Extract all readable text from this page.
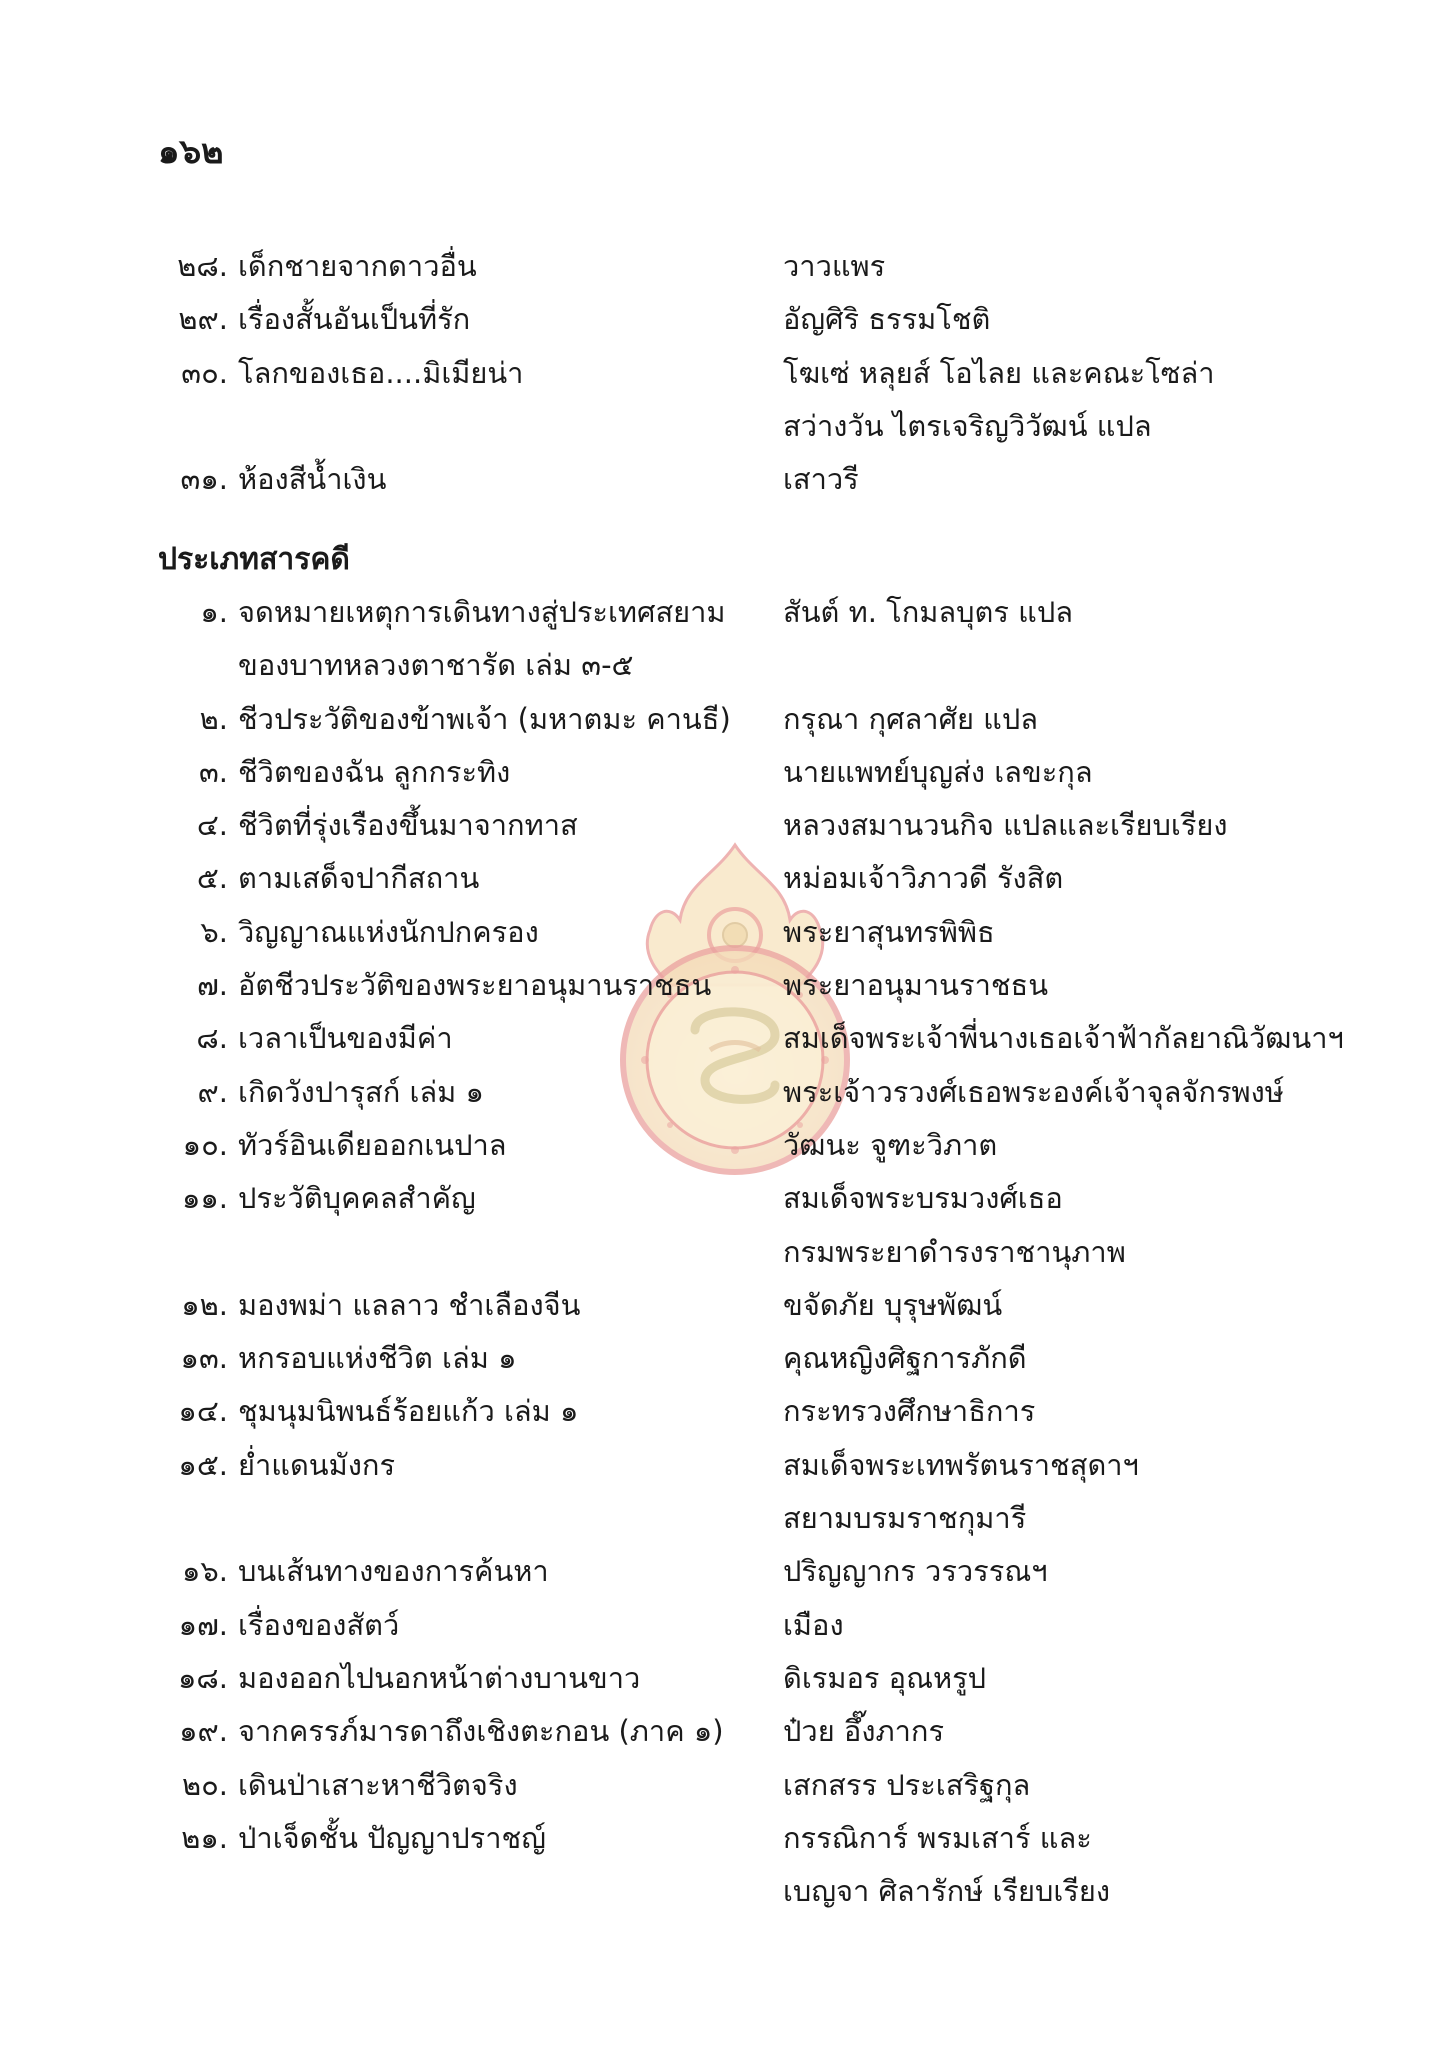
๑๖๒
๒๘. เด็กชายจากดาวอื่น	วาวแพร
๒๙. เรื่องสั้นอันเป็นที่รัก	อัญศิริ ธรรมโชติ
๓๐. โลกของเธอ....มิเมียน่า	โฆเซ่ หลุยส์ โอไลย และคณะโซล่า
สว่างวัน ไตรเจริญวิวัฒน์ แปล
๓๑. ห้องสีน้ำเงิน	เสาวรี
ประเภทสารคดี
๑. จดหมายเหตุการเดินทางสู่ประเทศสยาม	สันต์ ท. โกมลบุตร แปล
ของบาทหลวงตาชารัด เล่ม ๓-๕
๒. ชีวประวัติของข้าพเจ้า (มหาตมะ คานธี)	กรุณา กุศลาศัย แปล
๓. ชีวิตของฉัน ลูกกระทิง	นายแพทย์บุญส่ง เลขะกุล
๔. ชีวิตที่รุ่งเรืองขึ้นมาจากทาส	หลวงสมานวนกิจ แปลและเรียบเรียง
๕. ตามเสด็จปากีสถาน	หม่อมเจ้าวิภาวดี รังสิต
๖. วิญญาณแห่งนักปกครอง	พระยาสุนทรพิพิธ
๗. อัตชีวประวัติของพระยาอนุมานราชธน	พระยาอนุมานราชธน
๘. เวลาเป็นของมีค่า	สมเด็จพระเจ้าพี่นางเธอเจ้าฟ้ากัลยาณิวัฒนาฯ
๙. เกิดวังปารุสก์ เล่ม ๑	พระเจ้าวรวงศ์เธอพระองค์เจ้าจุลจักรพงษ์
๑๐. ทัวร์อินเดียออกเนปาล	วัฒนะ จูฑะวิภาต
๑๑. ประวัติบุคคลสำคัญ	สมเด็จพระบรมวงศ์เธอ
กรมพระยาดำรงราชานุภาพ
๑๒. มองพม่า แลลาว ชำเลืองจีน	ขจัดภัย บุรุษพัฒน์
๑๓. หกรอบแห่งชีวิต เล่ม ๑	คุณหญิงศิฐการภักดี
๑๔. ชุมนุมนิพนธ์ร้อยแก้ว เล่ม ๑	กระทรวงศึกษาธิการ
๑๕. ย่ำแดนมังกร	สมเด็จพระเทพรัตนราชสุดาฯ
สยามบรมราชกุมารี
๑๖. บนเส้นทางของการค้นหา	ปริญญากร วรวรรณฯ
๑๗. เรื่องของสัตว์	เมือง
๑๘. มองออกไปนอกหน้าต่างบานขาว	ดิเรมอร อุณหรูป
๑๙. จากครรภ์มารดาถึงเชิงตะกอน (ภาค ๑)	ป๋วย อึ๊งภากร
๒๐. เดินป่าเสาะหาชีวิตจริง	เสกสรร ประเสริฐกุล
๒๑. ป่าเจ็ดชั้น ปัญญาปราชญ์	กรรณิการ์ พรมเสาร์ และ
เบญจา ศิลารักษ์ เรียบเรียง
